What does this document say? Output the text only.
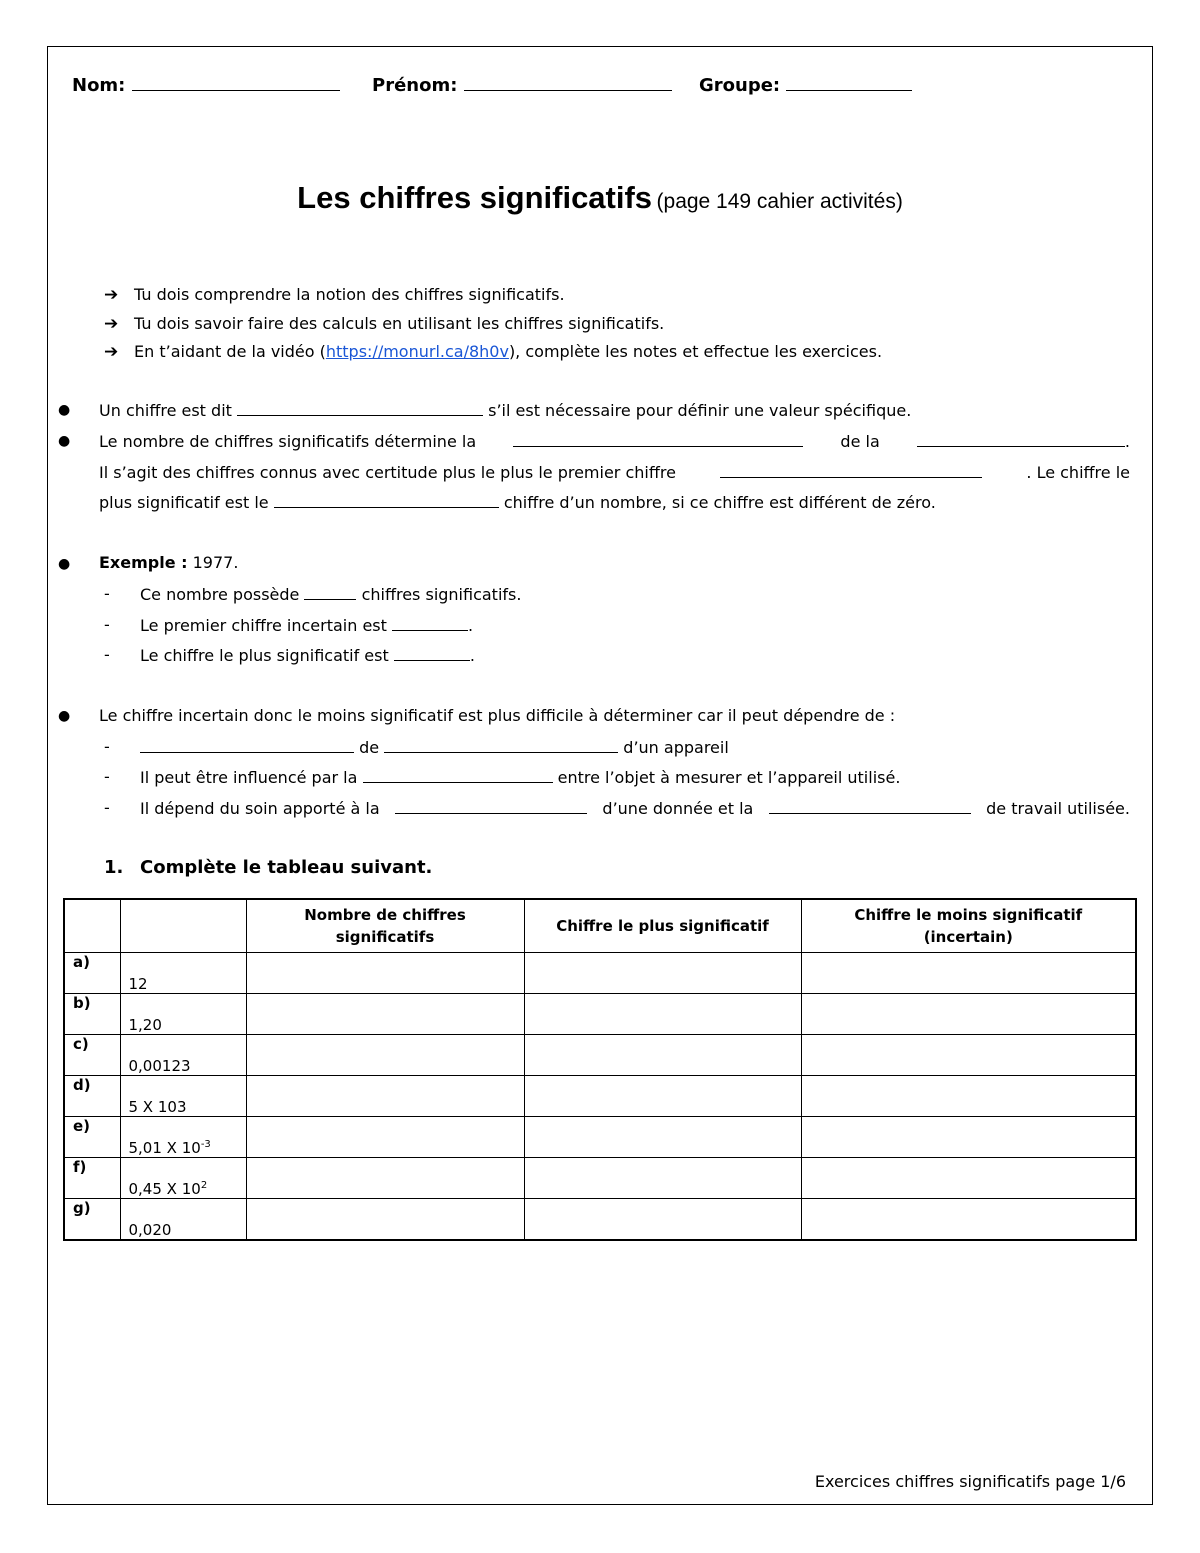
Nom:	Prénom:	Groupe:
Les chiffres significatifs (page 149 cahier activités)
➔ Tu dois comprendre la notion des chiffres significatifs.
➔ Tu dois savoir faire des calculs en utilisant les chiffres significatifs.
➔ En t’aidant de la vidéo (https://monurl.ca/8h0v), complète les notes et effectue les exercices.
● Un chiffre est dit	s’il est nécessaire pour définir une valeur spécifique.
● Le nombre de chiffres significatifs détermine la	de la	.
Il s’agit des chiffres connus avec certitude plus le plus le premier chiffre	. Le chiffre le
plus significatif est le	chiffre d’un nombre, si ce chiffre est différent de zéro.
● Exemple : 1977.
- Ce nombre possède	chiffres significatifs.
- Le premier chiffre incertain est	.
- Le chiffre le plus significatif est	.
● Le chiffre incertain donc le moins significatif est plus difficile à déterminer car il peut dépendre de :
-	de	d’un appareil
- Il peut être influencé par la	entre l’objet à mesurer et l’appareil utilisé.
- Il dépend du soin apporté à la	d’une donnée et la	de travail utilisée.
1. Complète le tableau suivant.
		Nombre de chiffres significatifs	Chiffre le plus significatif	Chiffre le moins significatif (incertain)
a)	12			
b)	1,20			
c)	0,00123			
d)	5 X 103			
e)	5,01 X $10^{-3}$			
f)	0,45 X $10^2$			
g)	0,020			
Exercices chiffres significatifs page 1/6
